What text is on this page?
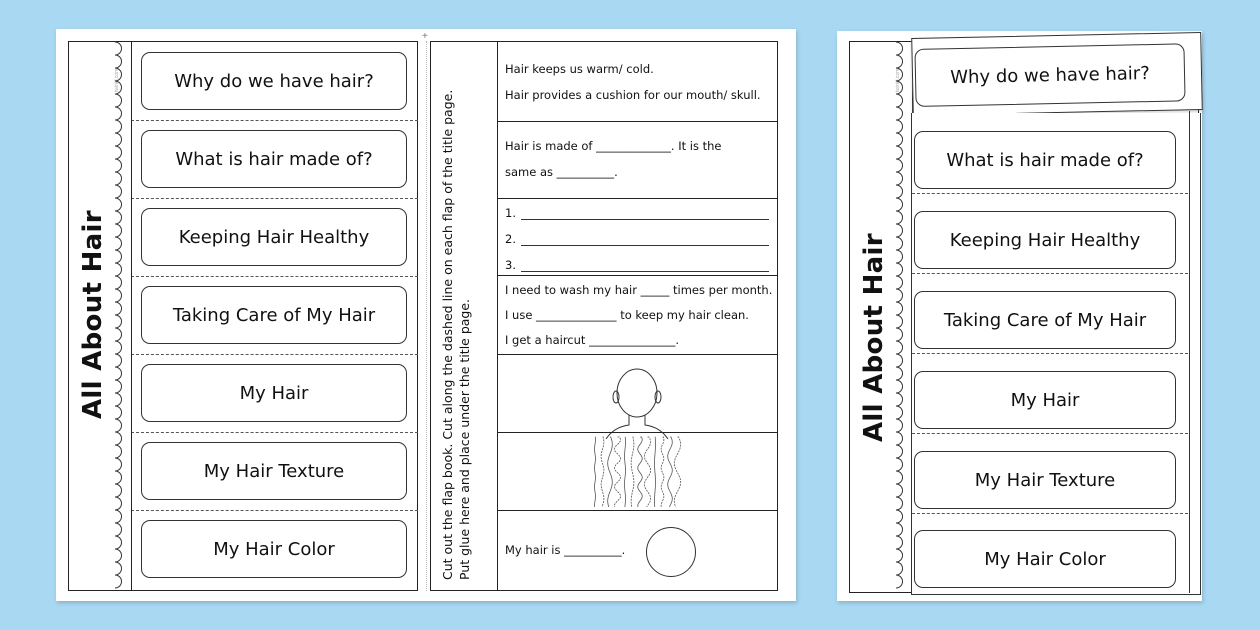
twinkl.com
All About Hair
Why do we have hair?
What is hair made of?
Keeping Hair Healthy
Taking Care of My Hair
My Hair
My Hair Texture
My Hair Color
+
Cut out the flap book. Cut along the dashed line on each flap of the title page. Put glue here and place under the title page.
Hair keeps us warm/ cold.
Hair provides a cushion for our mouth/ skull.
Hair is made of _____________. It is the
same as __________.
1.
2.
3.
I need to wash my hair _____ times per month.
I use ______________ to keep my hair clean.
I get a haircut _______________.
My hair is __________.
twinkl.com
All About Hair
Why do we have hair?
What is hair made of?
Keeping Hair Healthy
Taking Care of My Hair
My Hair
My Hair Texture
My Hair Color
